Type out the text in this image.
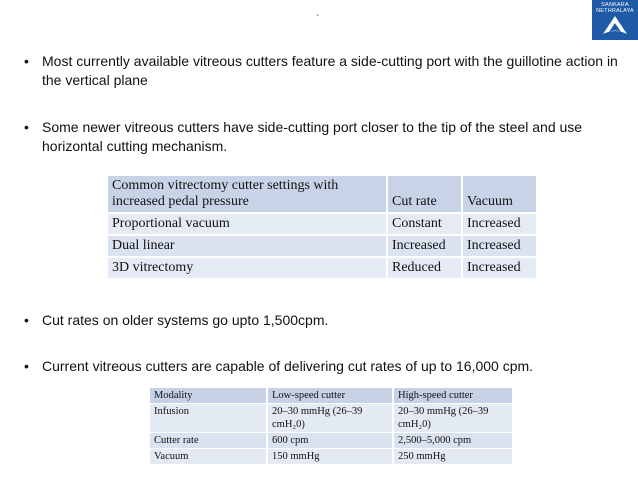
`
SANKARA
NETHRALAYA
• Most currently available vitreous cutters feature a side-cutting port with the guillotine action in the vertical plane
• Some newer vitreous cutters have side-cutting port closer to the tip of the steel and use horizontal cutting mechanism.
Common vitrectomy cutter settings with increased pedal pressure	Cut rate	Vacuum
Proportional vacuum	Constant	Increased
Dual linear	Increased	Increased
3D vitrectomy	Reduced	Increased
• Cut rates on older systems go upto 1,500cpm.
• Current vitreous cutters are capable of delivering cut rates of up to 16,000 cpm.
Modality	Low-speed cutter	High-speed cutter
Infusion	20–30 mmHg (26–39 cmH₂0)	20–30 mmHg (26–39 cmH₂0)
Cutter rate	600 cpm	2,500–5,000 cpm
Vacuum	150 mmHg	250 mmHg
